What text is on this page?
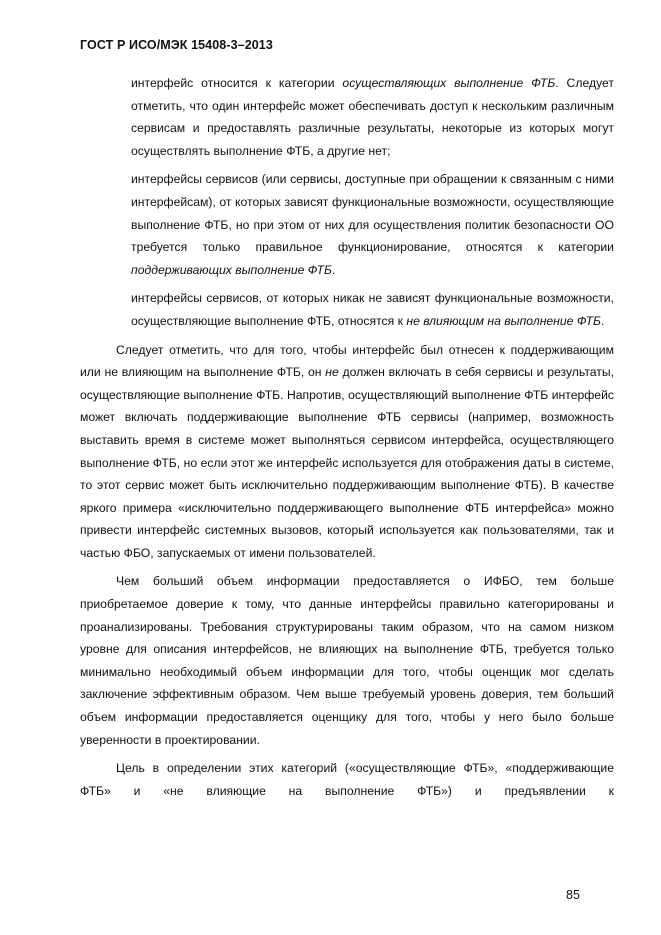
ГОСТ Р ИСО/МЭК 15408-3–2013

интерфейс относится к категории осуществляющих выполнение ФТБ. Следует отметить, что один интерфейс может обеспечивать доступ к нескольким различным сервисам и предоставлять различные результаты, некоторые из которых могут осуществлять выполнение ФТБ, а другие нет;

интерфейсы сервисов (или сервисы, доступные при обращении к связанным с ними интерфейсам), от которых зависят функциональные возможности, осуществляющие выполнение ФТБ, но при этом от них для осуществления политик безопасности ОО требуется только правильное функционирование, относятся к категории поддерживающих выполнение ФТБ.

интерфейсы сервисов, от которых никак не зависят функциональные возможности, осуществляющие выполнение ФТБ, относятся к не влияющим на выполнение ФТБ.

Следует отметить, что для того, чтобы интерфейс был отнесен к поддерживающим или не влияющим на выполнение ФТБ, он не должен включать в себя сервисы и результаты, осуществляющие выполнение ФТБ. Напротив, осуществляющий выполнение ФТБ интерфейс может включать поддерживающие выполнение ФТБ сервисы (например, возможность выставить время в системе может выполняться сервисом интерфейса, осуществляющего выполнение ФТБ, но если этот же интерфейс используется для отображения даты в системе, то этот сервис может быть исключительно поддерживающим выполнение ФТБ). В качестве яркого примера «исключительно поддерживающего выполнение ФТБ интерфейса» можно привести интерфейс системных вызовов, который используется как пользователями, так и частью ФБО, запускаемых от имени пользователей.

Чем больший объем информации предоставляется о ИФБО, тем больше приобретаемое доверие к тому, что данные интерфейсы правильно категорированы и проанализированы. Требования структурированы таким образом, что на самом низком уровне для описания интерфейсов, не влияющих на выполнение ФТБ, требуется только минимально необходимый объем информации для того, чтобы оценщик мог сделать заключение эффективным образом. Чем выше требуемый уровень доверия, тем больший объем информации предоставляется оценщику для того, чтобы у него было больше уверенности в проектировании.

Цель в определении этих категорий («осуществляющие ФТБ», «поддерживающие ФТБ» и «не влияющие на выполнение ФТБ») и предъявлении к

85
